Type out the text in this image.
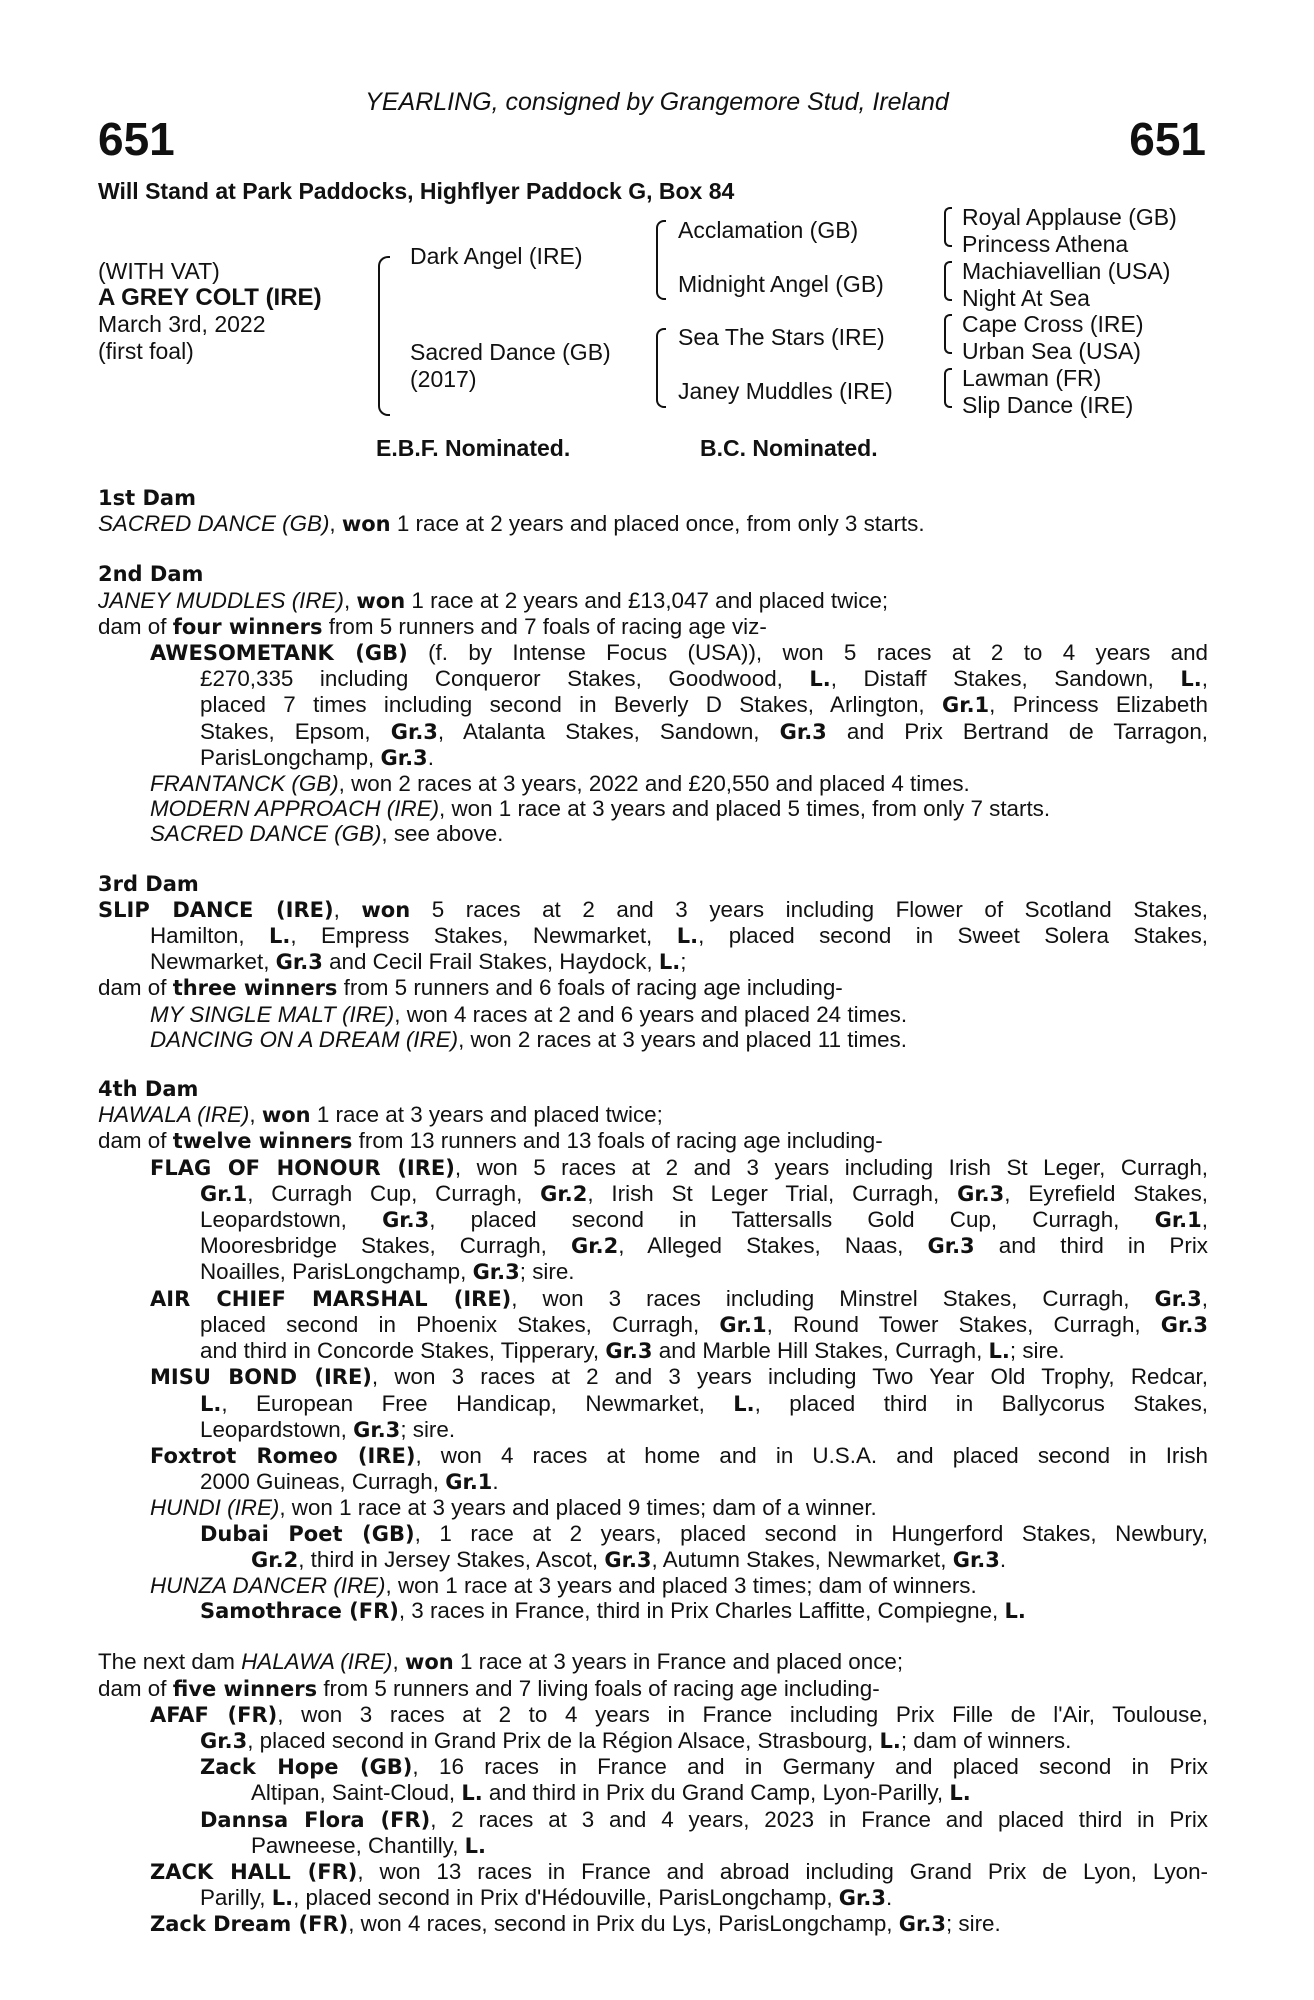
YEARLING, consigned by Grangemore Stud, Ireland
651	651
Will Stand at Park Paddocks, Highflyer Paddock G, Box 84
(WITH VAT)
A GREY COLT (IRE)
March 3rd, 2022
(first foal)
Dark Angel (IRE)
Sacred Dance (GB)
(2017)
Acclamation (GB)
Midnight Angel (GB)
Sea The Stars (IRE)
Janey Muddles (IRE)
Royal Applause (GB)
Princess Athena
Machiavellian (USA)
Night At Sea
Cape Cross (IRE)
Urban Sea (USA)
Lawman (FR)
Slip Dance (IRE)
E.B.F. Nominated.	B.C. Nominated.
1st Dam
SACRED DANCE (GB), won 1 race at 2 years and placed once, from only 3 starts.
2nd Dam
JANEY MUDDLES (IRE), won 1 race at 2 years and £13,047 and placed twice;
dam of four winners from 5 runners and 7 foals of racing age viz-
AWESOMETANK (GB) (f. by Intense Focus (USA)), won 5 races at 2 to 4 years and
£270,335 including Conqueror Stakes, Goodwood, L., Distaff Stakes, Sandown, L.,
placed 7 times including second in Beverly D Stakes, Arlington, Gr.1, Princess Elizabeth
Stakes, Epsom, Gr.3, Atalanta Stakes, Sandown, Gr.3 and Prix Bertrand de Tarragon,
ParisLongchamp, Gr.3.
FRANTANCK (GB), won 2 races at 3 years, 2022 and £20,550 and placed 4 times.
MODERN APPROACH (IRE), won 1 race at 3 years and placed 5 times, from only 7 starts.
SACRED DANCE (GB), see above.
3rd Dam
SLIP DANCE (IRE), won 5 races at 2 and 3 years including Flower of Scotland Stakes,
Hamilton, L., Empress Stakes, Newmarket, L., placed second in Sweet Solera Stakes,
Newmarket, Gr.3 and Cecil Frail Stakes, Haydock, L.;
dam of three winners from 5 runners and 6 foals of racing age including-
MY SINGLE MALT (IRE), won 4 races at 2 and 6 years and placed 24 times.
DANCING ON A DREAM (IRE), won 2 races at 3 years and placed 11 times.
4th Dam
HAWALA (IRE), won 1 race at 3 years and placed twice;
dam of twelve winners from 13 runners and 13 foals of racing age including-
FLAG OF HONOUR (IRE), won 5 races at 2 and 3 years including Irish St Leger, Curragh,
Gr.1, Curragh Cup, Curragh, Gr.2, Irish St Leger Trial, Curragh, Gr.3, Eyrefield Stakes,
Leopardstown, Gr.3, placed second in Tattersalls Gold Cup, Curragh, Gr.1,
Mooresbridge Stakes, Curragh, Gr.2, Alleged Stakes, Naas, Gr.3 and third in Prix
Noailles, ParisLongchamp, Gr.3; sire.
AIR CHIEF MARSHAL (IRE), won 3 races including Minstrel Stakes, Curragh, Gr.3,
placed second in Phoenix Stakes, Curragh, Gr.1, Round Tower Stakes, Curragh, Gr.3
and third in Concorde Stakes, Tipperary, Gr.3 and Marble Hill Stakes, Curragh, L.; sire.
MISU BOND (IRE), won 3 races at 2 and 3 years including Two Year Old Trophy, Redcar,
L., European Free Handicap, Newmarket, L., placed third in Ballycorus Stakes,
Leopardstown, Gr.3; sire.
Foxtrot Romeo (IRE), won 4 races at home and in U.S.A. and placed second in Irish
2000 Guineas, Curragh, Gr.1.
HUNDI (IRE), won 1 race at 3 years and placed 9 times; dam of a winner.
Dubai Poet (GB), 1 race at 2 years, placed second in Hungerford Stakes, Newbury,
Gr.2, third in Jersey Stakes, Ascot, Gr.3, Autumn Stakes, Newmarket, Gr.3.
HUNZA DANCER (IRE), won 1 race at 3 years and placed 3 times; dam of winners.
Samothrace (FR), 3 races in France, third in Prix Charles Laffitte, Compiegne, L.
The next dam HALAWA (IRE), won 1 race at 3 years in France and placed once;
dam of five winners from 5 runners and 7 living foals of racing age including-
AFAF (FR), won 3 races at 2 to 4 years in France including Prix Fille de l'Air, Toulouse,
Gr.3, placed second in Grand Prix de la Région Alsace, Strasbourg, L.; dam of winners.
Zack Hope (GB), 16 races in France and in Germany and placed second in Prix
Altipan, Saint-Cloud, L. and third in Prix du Grand Camp, Lyon-Parilly, L.
Dannsa Flora (FR), 2 races at 3 and 4 years, 2023 in France and placed third in Prix
Pawneese, Chantilly, L.
ZACK HALL (FR), won 13 races in France and abroad including Grand Prix de Lyon, Lyon-
Parilly, L., placed second in Prix d'Hédouville, ParisLongchamp, Gr.3.
Zack Dream (FR), won 4 races, second in Prix du Lys, ParisLongchamp, Gr.3; sire.
